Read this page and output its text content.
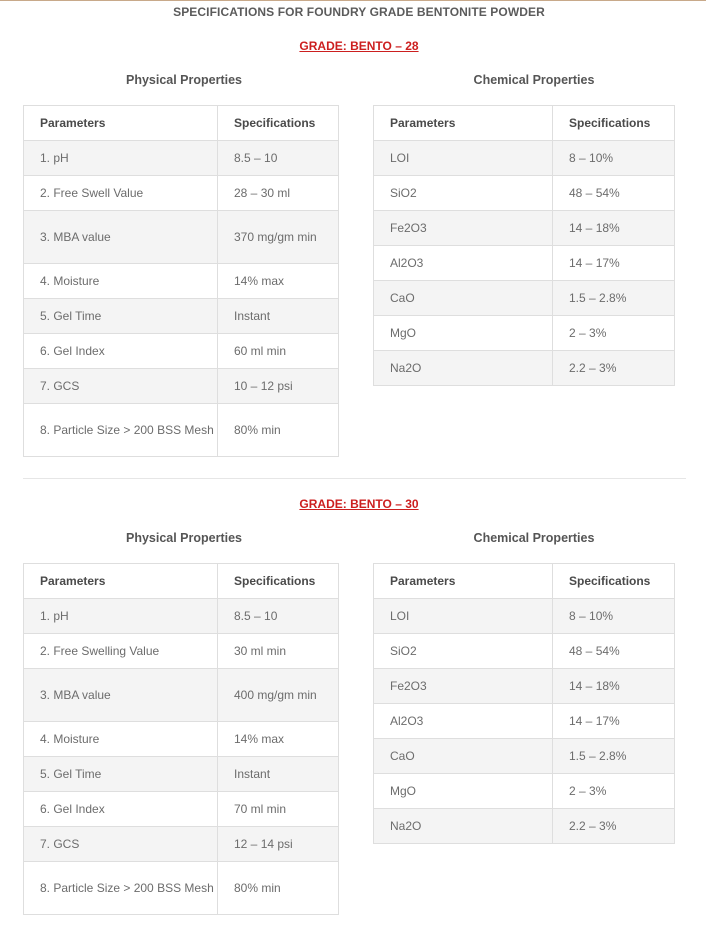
SPECIFICATIONS FOR FOUNDRY GRADE BENTONITE POWDER
GRADE: BENTO – 28
Physical Properties	Chemical Properties
Parameters	Specifications
1. pH	8.5 – 10
2. Free Swell Value	28 – 30 ml
3. MBA value	370 mg/gm min
4. Moisture	14% max
5. Gel Time	Instant
6. Gel Index	60 ml min
7. GCS	10 – 12 psi
8. Particle Size > 200 BSS Mesh	80% min
Parameters	Specifications
LOI	8 – 10%
SiO2	48 – 54%
Fe2O3	14 – 18%
Al2O3	14 – 17%
CaO	1.5 – 2.8%
MgO	2 – 3%
Na2O	2.2 – 3%
GRADE: BENTO – 30
Physical Properties	Chemical Properties
Parameters	Specifications
1. pH	8.5 – 10
2. Free Swelling Value	30 ml min
3. MBA value	400 mg/gm min
4. Moisture	14% max
5. Gel Time	Instant
6. Gel Index	70 ml min
7. GCS	12 – 14 psi
8. Particle Size > 200 BSS Mesh	80% min
Parameters	Specifications
LOI	8 – 10%
SiO2	48 – 54%
Fe2O3	14 – 18%
Al2O3	14 – 17%
CaO	1.5 – 2.8%
MgO	2 – 3%
Na2O	2.2 – 3%
